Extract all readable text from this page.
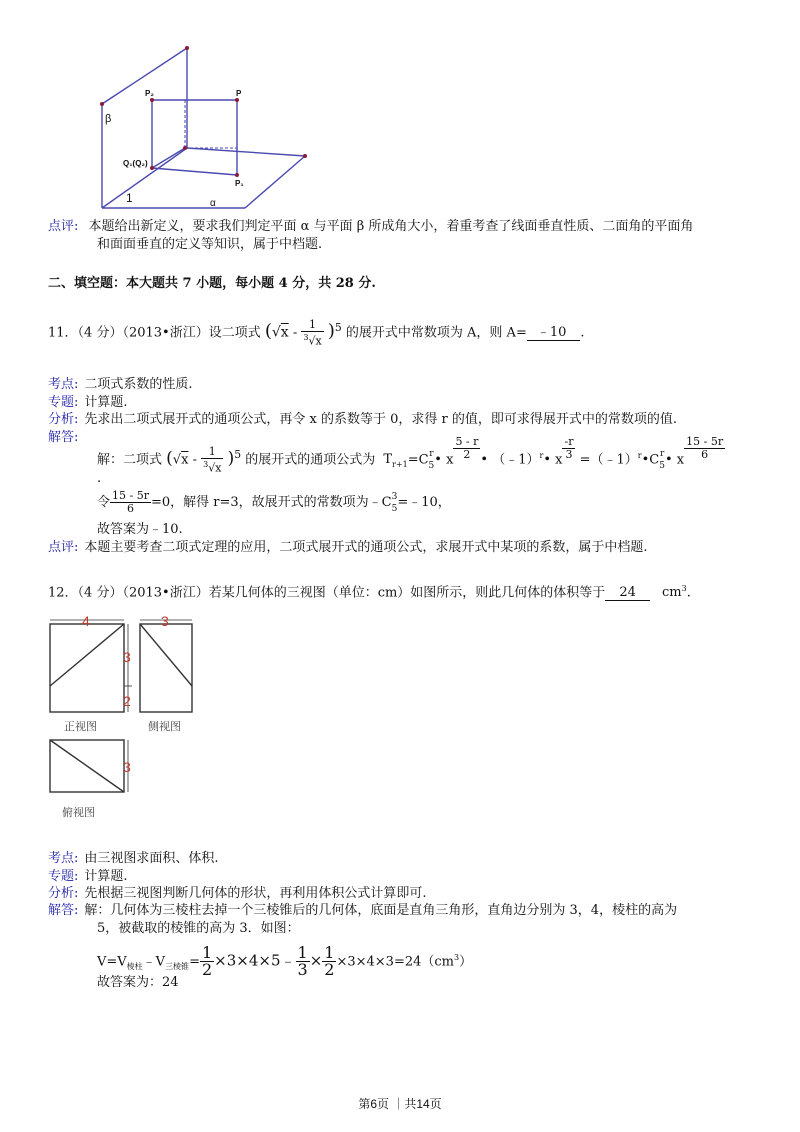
β
P₂	P
Q₁(Q₂)
P₁
1	α
点评: 本题给出新定义，要求我们判定平面 α 与平面 β 所成角大小，着重考查了线面垂直性质、二面角的平面角
和面面垂直的定义等知识，属于中档题.
二、填空题：本大题共 7 小题，每小题 4 分，共 28 分.
11．（4 分）（2013•浙江）设二项式 $(√x - \frac{1}{^3√x} )^5$ 的展开式中常数项为 A，则 A= ﹣10 .
考点: 二项式系数的性质.
专题: 计算题.
分析: 先求出二项式展开式的通项公式，再令 x 的系数等于 0，求得 r 的值，即可求得展开式中的常数项的值.
解答:
解：二项式 $(√x - \frac{1}{^3√x} )^5$ 的展开式的通项公式为 $T_{r+1}=Cr$
5• x $\frac{5 - r}{2}$ • （﹣1）$^r$• x $\frac{-r}{3}$ =（﹣1）$^r$•Cr
5• x $\frac{15 - 5r}{6}$
.
令 $\frac{15 - 5r}{6} =0$，解得 r=3，故展开式的常数项为﹣C3
5=﹣10，
故答案为﹣10.
点评: 本题主要考查二项式定理的应用，二项式展开式的通项公式，求展开式中某项的系数，属于中档题.
12．（4 分）（2013•浙江）若某几何体的三视图（单位：cm）如图所示，则此几何体的体积等于 24 $cm^3$.
4	3
3
2
3
正视图	侧视图
俯视图
考点: 由三视图求面积、体积.
专题: 计算题.
分析: 先根据三视图判断几何体的形状，再利用体积公式计算即可.
解答: 解：几何体为三棱柱去掉一个三棱锥后的几何体，底面是直角三角形，直角边分别为 3，4，棱柱的高为
5，被截取的棱锥的高为 3．如图：
$V=V_{棱柱}﹣V_{三棱锥}= \frac{1}{2}$ ×3×4×5﹣ $\frac{1}{3} \times \frac{1}{2} \times 3\times 4\times 3=24(cm^3)$
故答案为：24
第6页 ｜共14页
